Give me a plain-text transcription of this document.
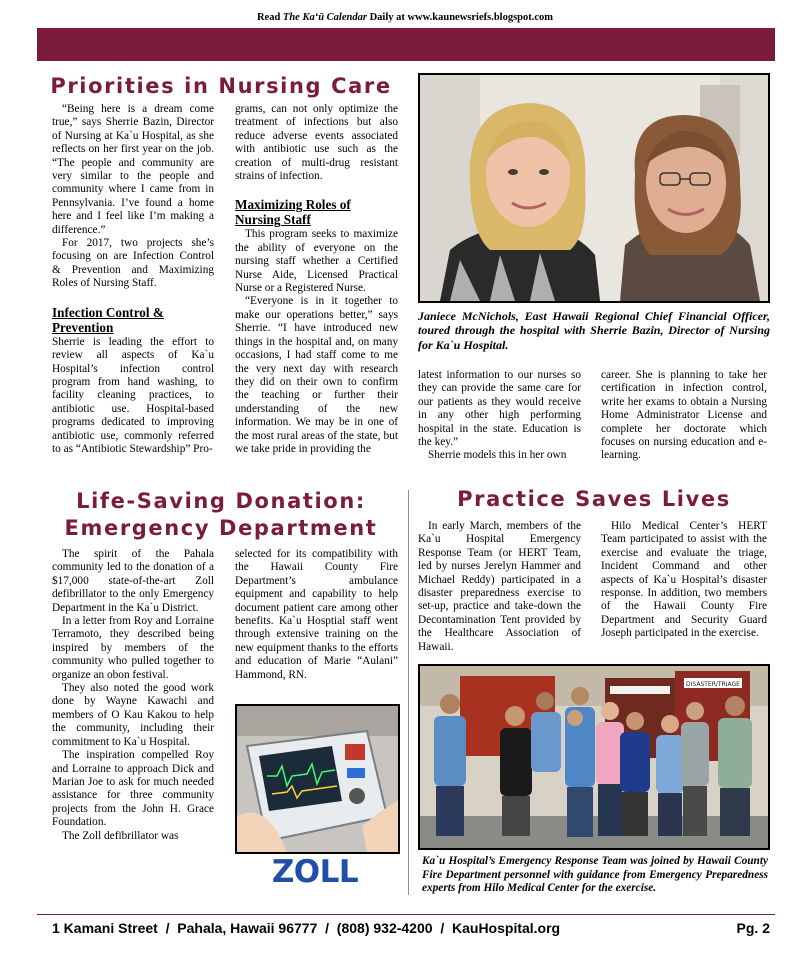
Read The Ka‘ū Calendar Daily at www.kaunewsriefs.blogspot.com
Priorities in Nursing Care

“Being here is a dream come true,” says Sherrie Bazin, Director of Nursing at Ka`u Hospital, as she reflects on her first year on the job. “The people and community are very similar to the people and community where I came from in Pennsylvania. I’ve found a home here and I feel like I’m making a difference.”

For 2017, two projects she’s focusing on are Infection Control & Prevention and Maximizing Roles of Nursing Staff.

Infection Control & Prevention

Sherrie is leading the effort to review all aspects of Ka`u Hospital’s infection control program from hand washing, to facility cleaning practices, to antibiotic use. Hospital-based programs dedicated to improving antibiotic use, commonly referred to as “Antibiotic Stewardship” Pro-

grams, can not only optimize the treatment of infections but also reduce adverse events associated with antibiotic use such as the creation of multi-drug resistant strains of infection.

Maximizing Roles of Nursing Staff

This program seeks to maximize the ability of everyone on the nursing staff whether a Certified Nurse Aide, Licensed Practical Nurse or a Registered Nurse.

“Everyone is in it together to make our operations better,” says Sherrie. “I have introduced new things in the hospital and, on many occasions, I had staff come to me the very next day with research they did on their own to confirm the teaching or further their understanding of the new information. We may be in one of the most rural areas of the state, but we take pride in providing the

Janiece McNichols, East Hawaii Regional Chief Financial Officer, toured through the hospital with Sherrie Bazin, Director of Nursing for Ka`u Hospital.

latest information to our nurses so they can provide the same care for our patients as they would receive in any other high performing hospital in the state. Education is the key.”

Sherrie models this in her own

career. She is planning to take her certification in infection control, write her exams to obtain a Nursing Home Administrator License and complete her doctorate which focuses on nursing education and e-learning.

Life-Saving Donation:
Emergency Department

The spirit of the Pahala community led to the donation of a $17,000 state-of-the-art Zoll defibrillator to the only Emergency Department in the Ka`u District.

In a letter from Roy and Lorraine Terramoto, they described being inspired by members of the community who pulled together to organize an obon festival.

They also noted the good work done by Wayne Kawachi and members of O Kau Kakou to help the community, including their commitment to Ka`u Hospital.

The inspiration compelled Roy and Lorraine to approach Dick and Marian Joe to ask for much needed assistance for three community projects from the John H. Grace Foundation.

The Zoll defibrillator was

selected for its compatibility with the Hawaii County Fire Department’s ambulance equipment and capability to help document patient care among other benefits. Ka`u Hosptial staff went through extensive training on the new equipment thanks to the efforts and education of Marie “Aulani” Hammond, RN.

ZOLL
Practice Saves Lives

In early March, members of the Ka`u Hospital Emergency Response Team (or HERT Team, led by nurses Jerelyn Hammer and Michael Reddy) participated in a disaster preparedness exercise to set-up, practice and take-down the Decontamination Tent provided by the Healthcare Association of Hawaii.

Hilo Medical Center’s HERT Team participated to assist with the exercise and evaluate the triage, Incident Command and other aspects of Ka`u Hospital’s disaster response. In addition, two members of the Hawaii County Fire Department and Security Guard Joseph participated in the exercise.

DISASTER/TRIAGE
Ka`u Hospital’s Emergency Response Team was joined by Hawaii County Fire Department personnel with guidance from Emergency Preparedness experts from Hilo Medical Center for the exercise.
1 Kamani Street  /  Pahala, Hawaii 96777  /  (808) 932-4200  /  KauHospital.org	Pg. 2
